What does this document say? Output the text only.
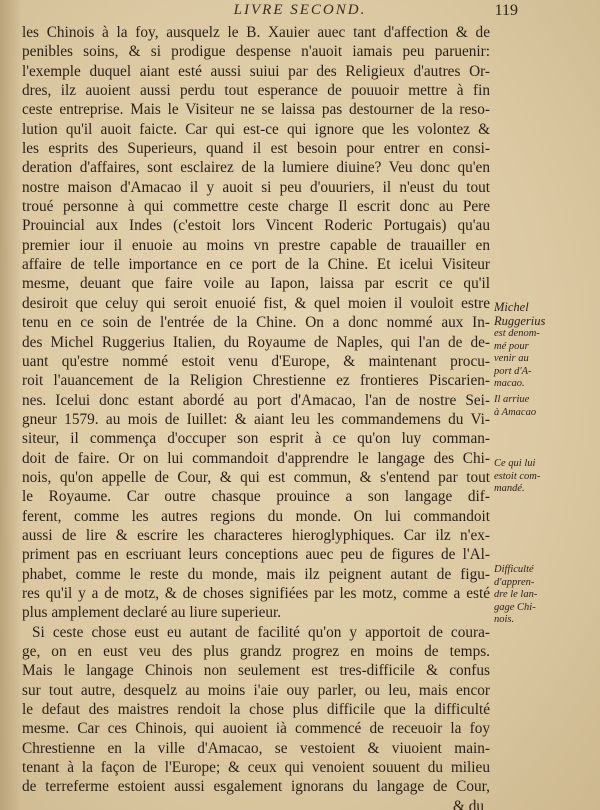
LIVRE SECOND.	119
les Chinois à la foy, ausquelz le B. Xauier auec tant d'affection & de
penibles soins, & si prodigue despense n'auoit iamais peu paruenir:
l'exemple duquel aiant esté aussi suiui par des Religieux d'autres Or-
dres, ilz auoient aussi perdu tout esperance de pouuoir mettre à fin
ceste entreprise. Mais le Visiteur ne se laissa pas destourner de la reso-
lution qu'il auoit faicte. Car qui est-ce qui ignore que les volontez &
les esprits des Superieurs, quand il est besoin pour entrer en consi-
deration d'affaires, sont esclairez de la lumiere diuine? Veu donc qu'en
nostre maison d'Amacao il y auoit si peu d'ouuriers, il n'eust du tout
troué personne à qui commettre ceste charge Il escrit donc au Pere
Prouincial aux Indes (c'estoit lors Vincent Roderic Portugais) qu'au
premier iour il enuoie au moins vn prestre capable de trauailler en
affaire de telle importance en ce port de la Chine. Et icelui Visiteur
mesme, deuant que faire voile au Iapon, laissa par escrit ce qu'il
desiroit que celuy qui seroit enuoié fist, & quel moien il vouloit estre
tenu en ce soin de l'entrée de la Chine. On a donc nommé aux In-
des Michel Ruggerius Italien, du Royaume de Naples, qui l'an de de-
uant qu'estre nommé estoit venu d'Europe, & maintenant procu-
roit l'auancement de la Religion Chrestienne ez frontieres Piscarien-
nes. Icelui donc estant abordé au port d'Amacao, l'an de nostre Sei-
gneur 1579. au mois de Iuillet: & aiant leu les commandemens du Vi-
siteur, il commença d'occuper son esprit à ce qu'on luy comman-
doit de faire. Or on lui commandoit d'apprendre le langage des Chi-
nois, qu'on appelle de Cour, & qui est commun, & s'entend par tout
le Royaume. Car outre chasque prouince a son langage dif-
ferent, comme les autres regions du monde. On lui commandoit
aussi de lire & escrire les characteres hieroglyphiques. Car ilz n'ex-
priment pas en escriuant leurs conceptions auec peu de figures de l'Al-
phabet, comme le reste du monde, mais ilz peignent autant de figu-
res qu'il y a de motz, & de choses signifiées par les motz, comme a esté
plus amplement declaré au liure superieur.
Si ceste chose eust eu autant de facilité qu'on y apportoit de coura-
ge, on en eust veu des plus grandz progrez en moins de temps.
Mais le langage Chinois non seulement est tres-difficile & confus
sur tout autre, desquelz au moins i'aie ouy parler, ou leu, mais encor
le defaut des maistres rendoit la chose plus difficile que la difficulté
mesme. Car ces Chinois, qui auoient ià commencé de receuoir la foy
Chrestienne en la ville d'Amacao, se vestoient & viuoient main-
tenant à la façon de l'Europe; & ceux qui venoient souuent du milieu
de terreferme estoient aussi esgalement ignorans du langage de Cour,
& du
Michel
Ruggerius
est denom-
mé pour
venir au
port d'A-
macao.
Il arriue
à Amacao
Ce qui lui
estoit com-
mandé.
Difficulté
d'appren-
dre le lan-
gage Chi-
nois.
